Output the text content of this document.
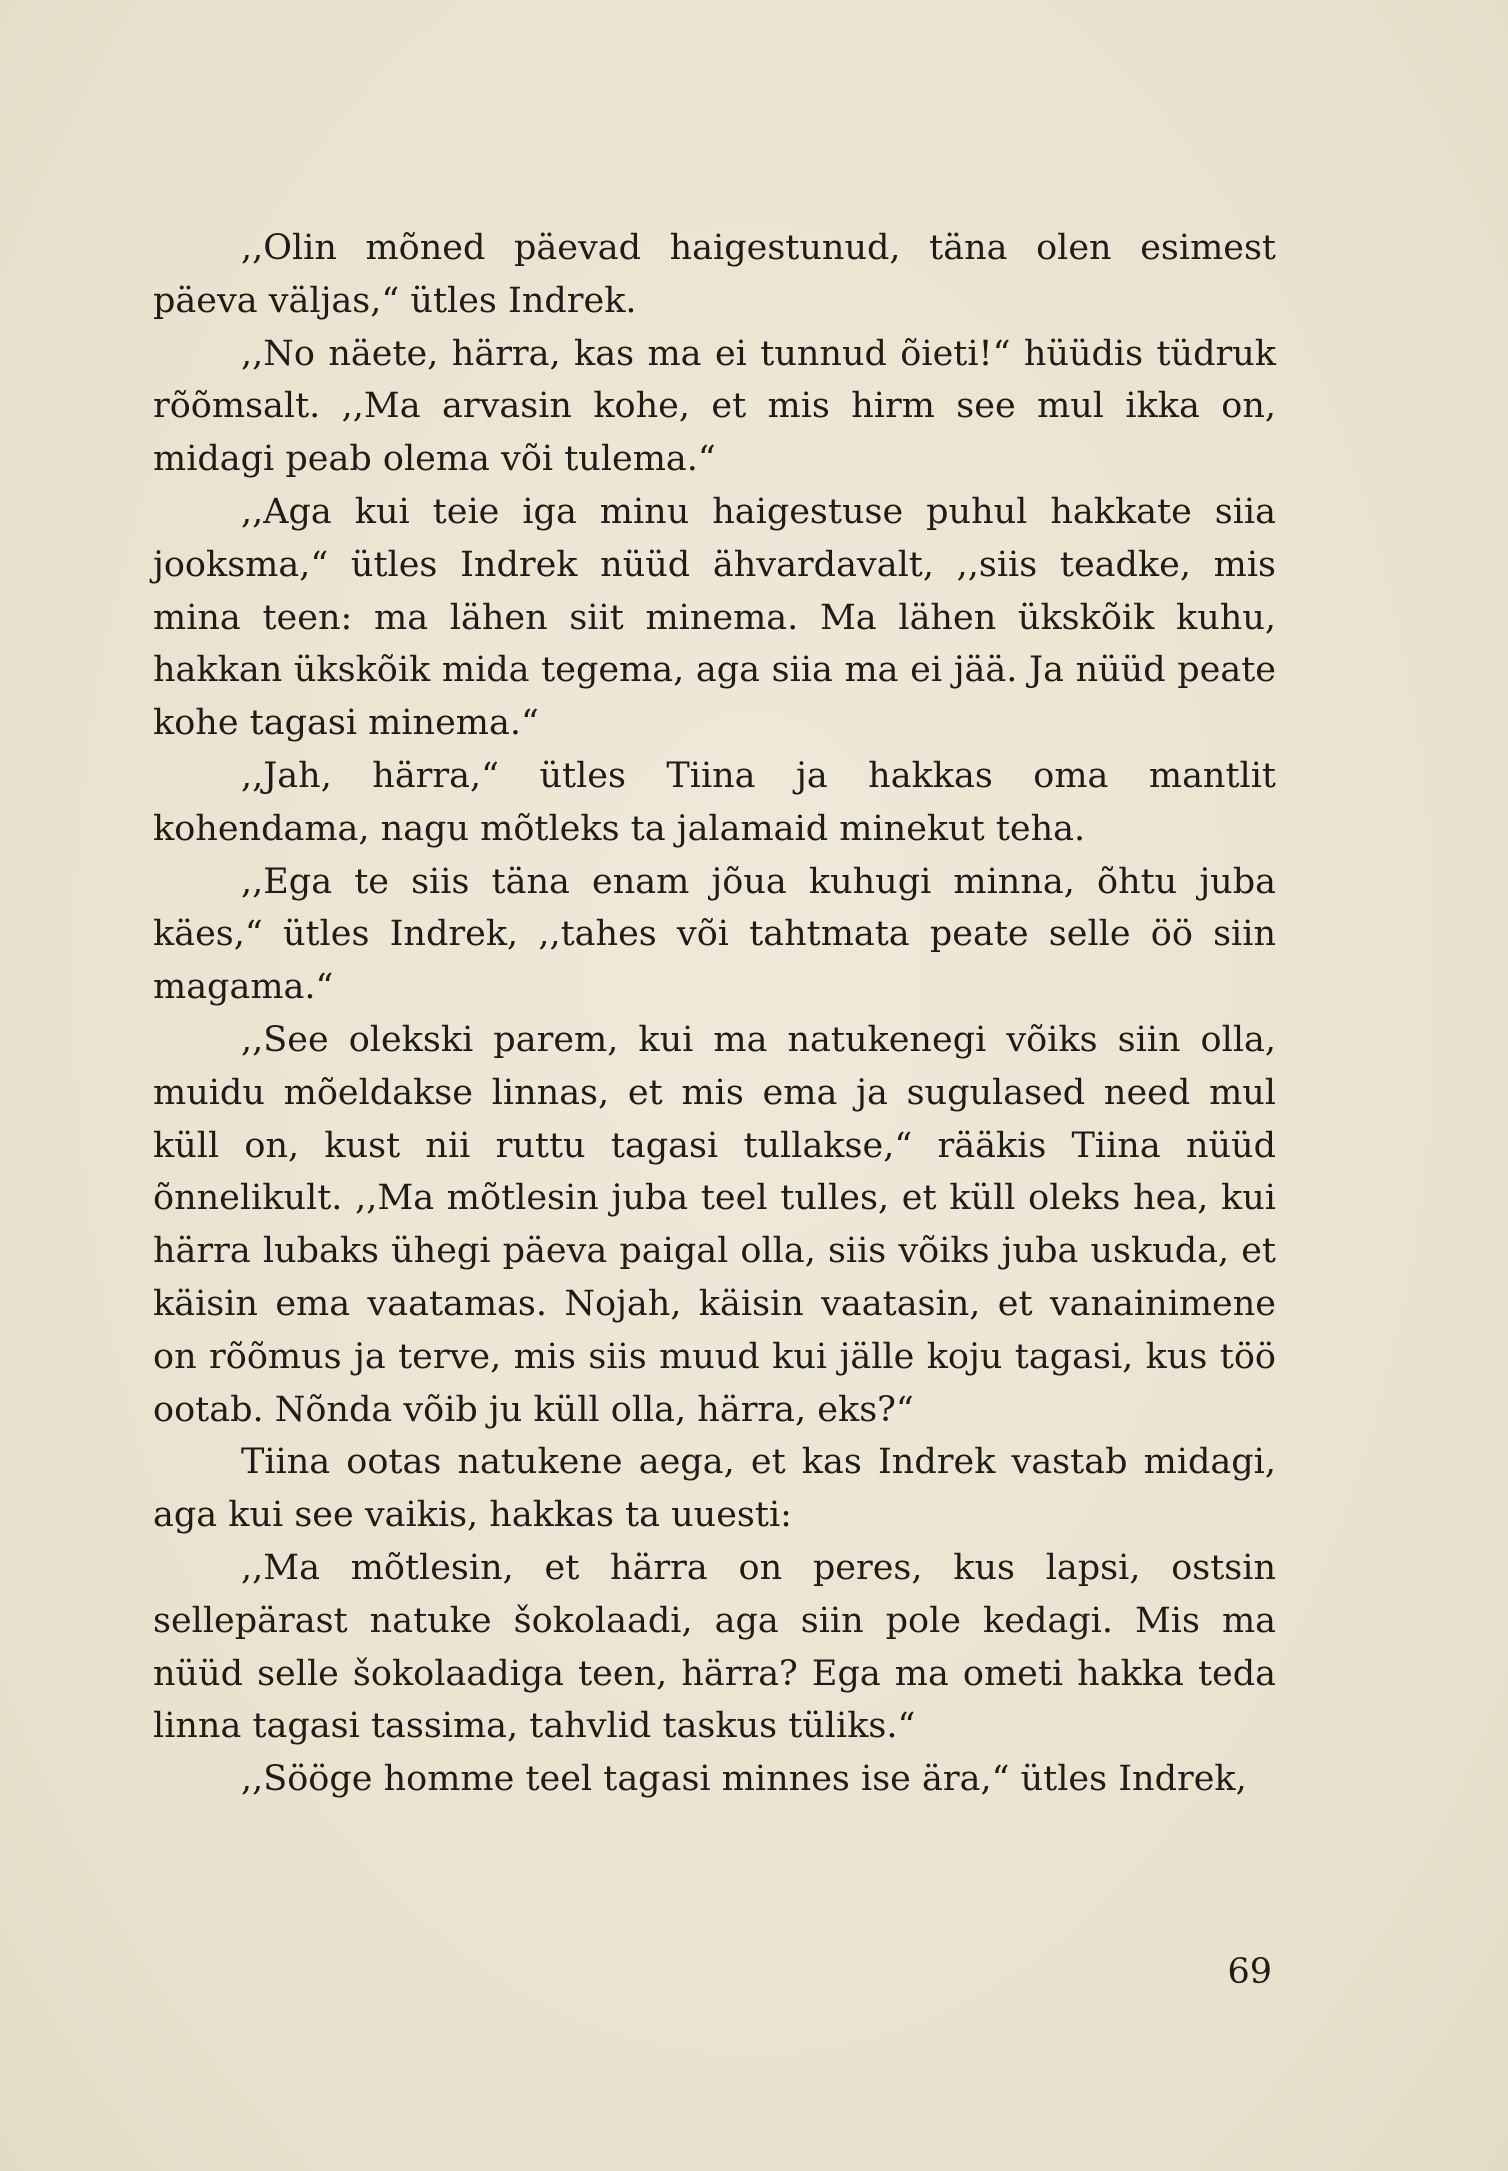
,,Olin mõned päevad haigestunud, täna olen esimest päeva väljas,“ ütles Indrek.

,,No näete, härra, kas ma ei tunnud õieti!“ hüüdis tüdruk rõõmsalt. ,,Ma arvasin kohe, et mis hirm see mul ikka on, midagi peab olema või tulema.“

,,Aga kui teie iga minu haigestuse puhul hakkate siia jooksma,“ ütles Indrek nüüd ähvardavalt, ,,siis teadke, mis mina teen: ma lähen siit minema. Ma lähen ükskõik kuhu, hakkan ükskõik mida tegema, aga siia ma ei jää. Ja nüüd peate kohe tagasi minema.“

,,Jah, härra,“ ütles Tiina ja hakkas oma mantlit kohendama, nagu mõtleks ta jalamaid minekut teha.

,,Ega te siis täna enam jõua kuhugi minna, õhtu juba käes,“ ütles Indrek, ,,tahes või tahtmata peate selle öö siin magama.“

,,See olekski parem, kui ma natukenegi võiks siin olla, muidu mõeldakse linnas, et mis ema ja sugulased need mul küll on, kust nii ruttu tagasi tullakse,“ rääkis Tiina nüüd õnnelikult. ,,Ma mõtlesin juba teel tulles, et küll oleks hea, kui härra lubaks ühegi päeva paigal olla, siis võiks juba uskuda, et käisin ema vaatamas. Nojah, käisin vaatasin, et vanainimene on rõõmus ja terve, mis siis muud kui jälle koju tagasi, kus töö ootab. Nõnda võib ju küll olla, härra, eks?“

Tiina ootas natukene aega, et kas Indrek vastab midagi, aga kui see vaikis, hakkas ta uuesti:

,,Ma mõtlesin, et härra on peres, kus lapsi, ostsin sellepärast natuke šokolaadi, aga siin pole kedagi. Mis ma nüüd selle šokolaadiga teen, härra? Ega ma ometi hakka teda linna tagasi tassima, tahvlid taskus tüliks.“

,,Sööge homme teel tagasi minnes ise ära,“ ütles Indrek,

69
